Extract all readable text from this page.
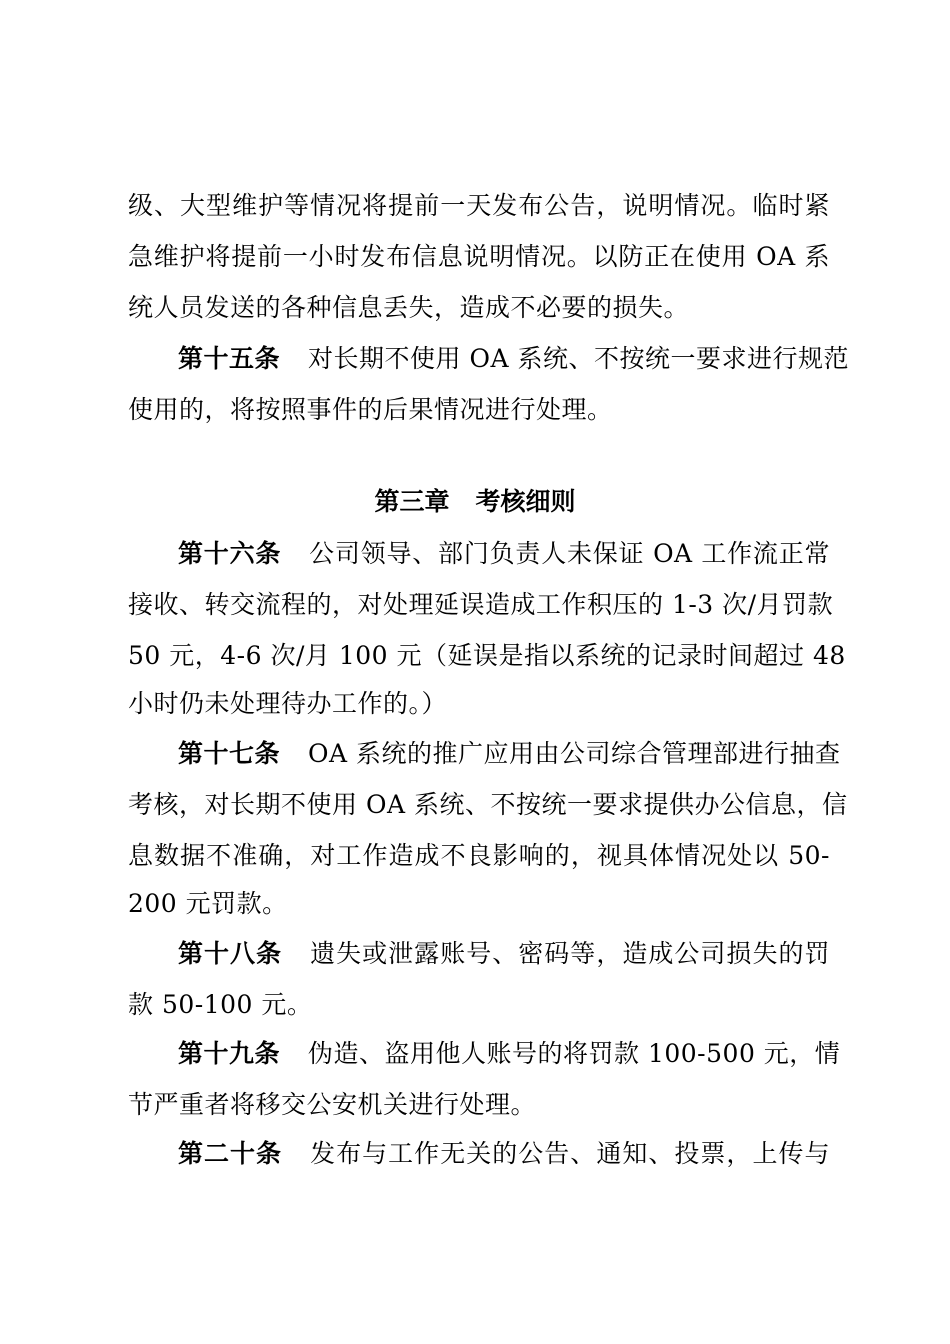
级、大型维护等情况将提前一天发布公告，说明情况。临时紧
急维护将提前一小时发布信息说明情况。以防正在使用 OA 系
统人员发送的各种信息丢失，造成不必要的损失。
第十五条 对长期不使用 OA 系统、不按统一要求进行规范
使用的，将按照事件的后果情况进行处理。
第三章 考核细则
第十六条 公司领导、部门负责人未保证 OA 工作流正常
接收、转交流程的，对处理延误造成工作积压的 1-3 次/月罚款
50 元，4-6 次/月 100 元（延误是指以系统的记录时间超过 48
小时仍未处理待办工作的。）
第十七条 OA 系统的推广应用由公司综合管理部进行抽查
考核，对长期不使用 OA 系统、不按统一要求提供办公信息，信
息数据不准确，对工作造成不良影响的，视具体情况处以 50-
200 元罚款。
第十八条 遗失或泄露账号、密码等，造成公司损失的罚
款 50-100 元。
第十九条 伪造、盗用他人账号的将罚款 100-500 元，情
节严重者将移交公安机关进行处理。
第二十条 发布与工作无关的公告、通知、投票，上传与
